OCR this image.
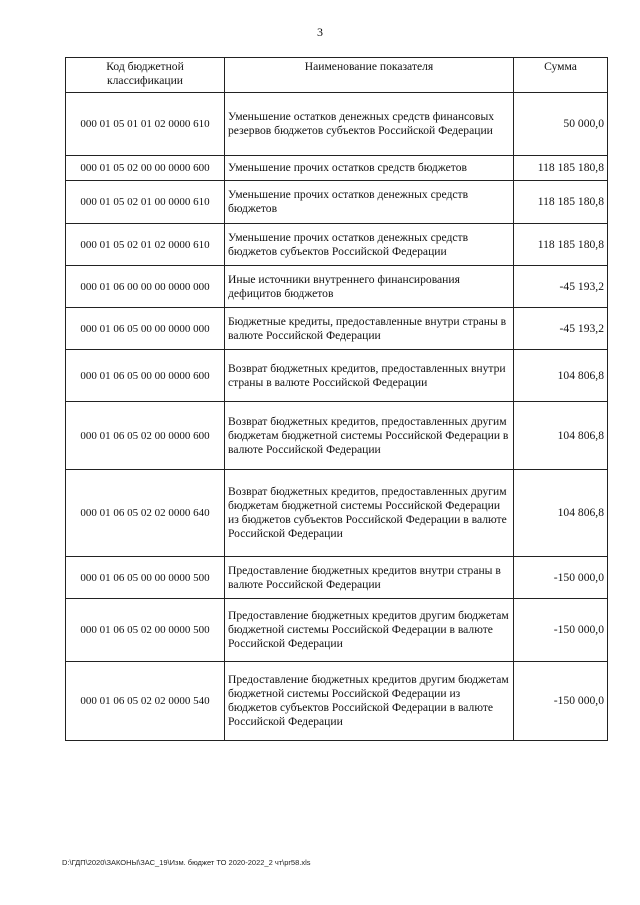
3
Код бюджетной классификации	Наименование показателя	Сумма
000 01 05 01 01 02 0000 610	Уменьшение остатков денежных средств финансовых резервов бюджетов субъектов Российской Федерации	50 000,0
000 01 05 02 00 00 0000 600	Уменьшение прочих остатков средств бюджетов	118 185 180,8
000 01 05 02 01 00 0000 610	Уменьшение прочих остатков денежных средств бюджетов	118 185 180,8
000 01 05 02 01 02 0000 610	Уменьшение прочих остатков денежных средств бюджетов субъектов Российской Федерации	118 185 180,8
000 01 06 00 00 00 0000 000	Иные источники внутреннего финансирования дефицитов бюджетов	-45 193,2
000 01 06 05 00 00 0000 000	Бюджетные кредиты, предоставленные внутри страны в валюте Российской Федерации	-45 193,2
000 01 06 05 00 00 0000 600	Возврат бюджетных кредитов, предоставленных внутри страны в валюте Российской Федерации	104 806,8
000 01 06 05 02 00 0000 600	Возврат бюджетных кредитов, предоставленных другим бюджетам бюджетной системы Российской Федерации в валюте Российской Федерации	104 806,8
000 01 06 05 02 02 0000 640	Возврат бюджетных кредитов, предоставленных другим бюджетам бюджетной системы Российской Федерации из бюджетов субъектов Российской Федерации в валюте Российской Федерации	104 806,8
000 01 06 05 00 00 0000 500	Предоставление бюджетных кредитов внутри страны в валюте Российской Федерации	-150 000,0
000 01 06 05 02 00 0000 500	Предоставление бюджетных кредитов другим бюджетам бюджетной системы Российской Федерации в валюте Российской Федерации	-150 000,0
000 01 06 05 02 02 0000 540	Предоставление бюджетных кредитов другим бюджетам бюджетной системы Российской Федерации из бюджетов субъектов Российской Федерации в валюте Российской Федерации	-150 000,0
D:\ГДП\2020\ЗАКОНЫ\ЗАС_19\Изм. бюджет ТО 2020-2022_2 чт\pr58.xls
